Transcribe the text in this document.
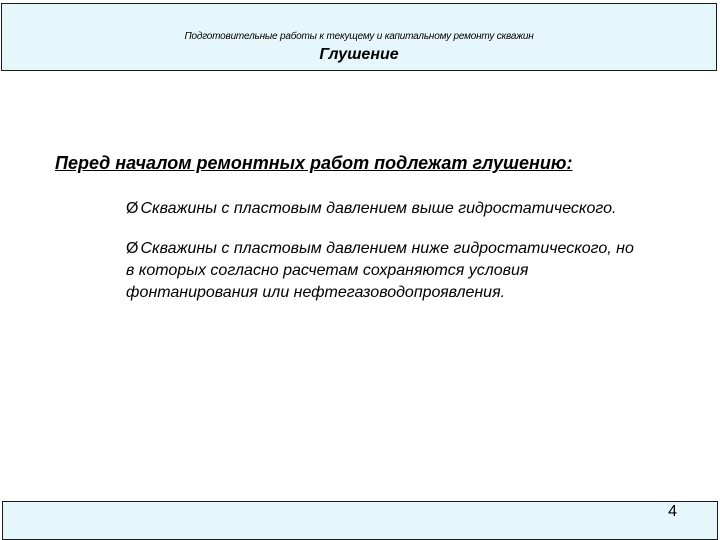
Подготовительные работы к текущему и капитальному ремонту скважин
Глушение
Перед началом ремонтных работ подлежат глушению:
Ø Скважины с пластовым давлением выше гидростатического.
Ø Скважины с пластовым давлением ниже гидростатического, но в которых согласно расчетам сохраняются условия фонтанирования или нефтегазоводопроявления.
4
